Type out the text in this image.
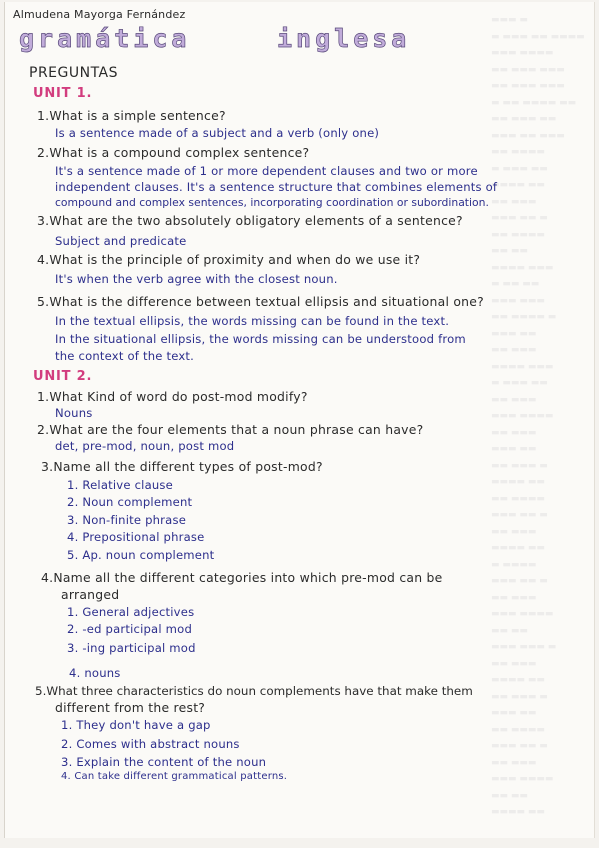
▬▬▬ ▬
▬ ▬▬▬ ▬▬ ▬▬▬▬
▬▬▬ ▬▬▬▬
▬▬ ▬▬▬ ▬▬▬
▬▬ ▬▬▬ ▬▬▬
▬ ▬▬ ▬▬▬▬ ▬▬
▬▬ ▬▬▬ ▬▬
▬▬▬ ▬▬ ▬▬▬
▬▬ ▬▬▬▬
▬ ▬▬▬ ▬▬
▬▬▬▬ ▬▬
▬▬ ▬▬▬
▬▬▬ ▬▬ ▬
▬▬ ▬▬▬▬
▬▬ ▬▬
▬▬▬▬ ▬▬▬
▬ ▬▬ ▬▬
▬▬▬ ▬▬▬
▬▬ ▬▬▬▬ ▬
▬▬▬ ▬▬
▬▬ ▬▬▬
▬▬▬▬ ▬▬▬
▬ ▬▬▬ ▬▬
▬▬ ▬▬▬
▬▬▬ ▬▬▬▬
▬▬ ▬▬▬
▬▬▬ ▬▬
▬▬ ▬▬▬ ▬
▬▬▬▬ ▬▬
▬▬ ▬▬▬▬
▬▬▬ ▬▬ ▬
▬▬ ▬▬▬
▬▬▬▬ ▬▬
▬ ▬▬▬▬
▬▬▬ ▬▬ ▬
▬▬ ▬▬▬
▬▬▬ ▬▬▬▬
▬▬ ▬▬
▬▬▬ ▬▬▬ ▬
▬▬ ▬▬▬
▬▬▬▬ ▬▬
▬▬ ▬▬▬ ▬
▬▬▬ ▬▬
▬▬ ▬▬▬▬
▬▬▬ ▬▬ ▬
▬▬ ▬▬▬
▬▬▬ ▬▬▬▬
▬▬ ▬▬
▬▬▬▬ ▬▬
Almudena Mayorga Fernández
gramática	inglesa
PREGUNTAS
UNIT 1.
1.What is a simple sentence?
Is a sentence made of a subject and a verb (only one)
2.What is a compound complex sentence?
It's a sentence made of 1 or more dependent clauses and two or more
independent clauses. It's a sentence structure that combines elements of
compound and complex sentences, incorporating coordination or subordination.
3.What are the two absolutely obligatory elements of a sentence?
Subject and predicate
4.What is the principle of proximity and when do we use it?
It's when the verb agree with the closest noun.
5.What is the difference between textual ellipsis and situational one?
In the textual ellipsis, the words missing can be found in the text.
In the situational ellipsis, the words missing can be understood from
the context of the text.
UNIT 2.
1.What Kind of word do post-mod modify?
Nouns
2.What are the four elements that a noun phrase can have?
det, pre-mod, noun, post mod
3.Name all the different types of post-mod?
1. Relative clause
2. Noun complement
3. Non-finite phrase
4. Prepositional phrase
5. Ap. noun complement
4.Name all the different categories into which pre-mod can be
arranged
1. General adjectives
2. -ed participal mod
3. -ing participal mod
4. nouns
5.What three characteristics do noun complements have that make them
different from the rest?
1. They don't have a gap
2. Comes with abstract nouns
3. Explain the content of the noun
4. Can take different grammatical patterns.
